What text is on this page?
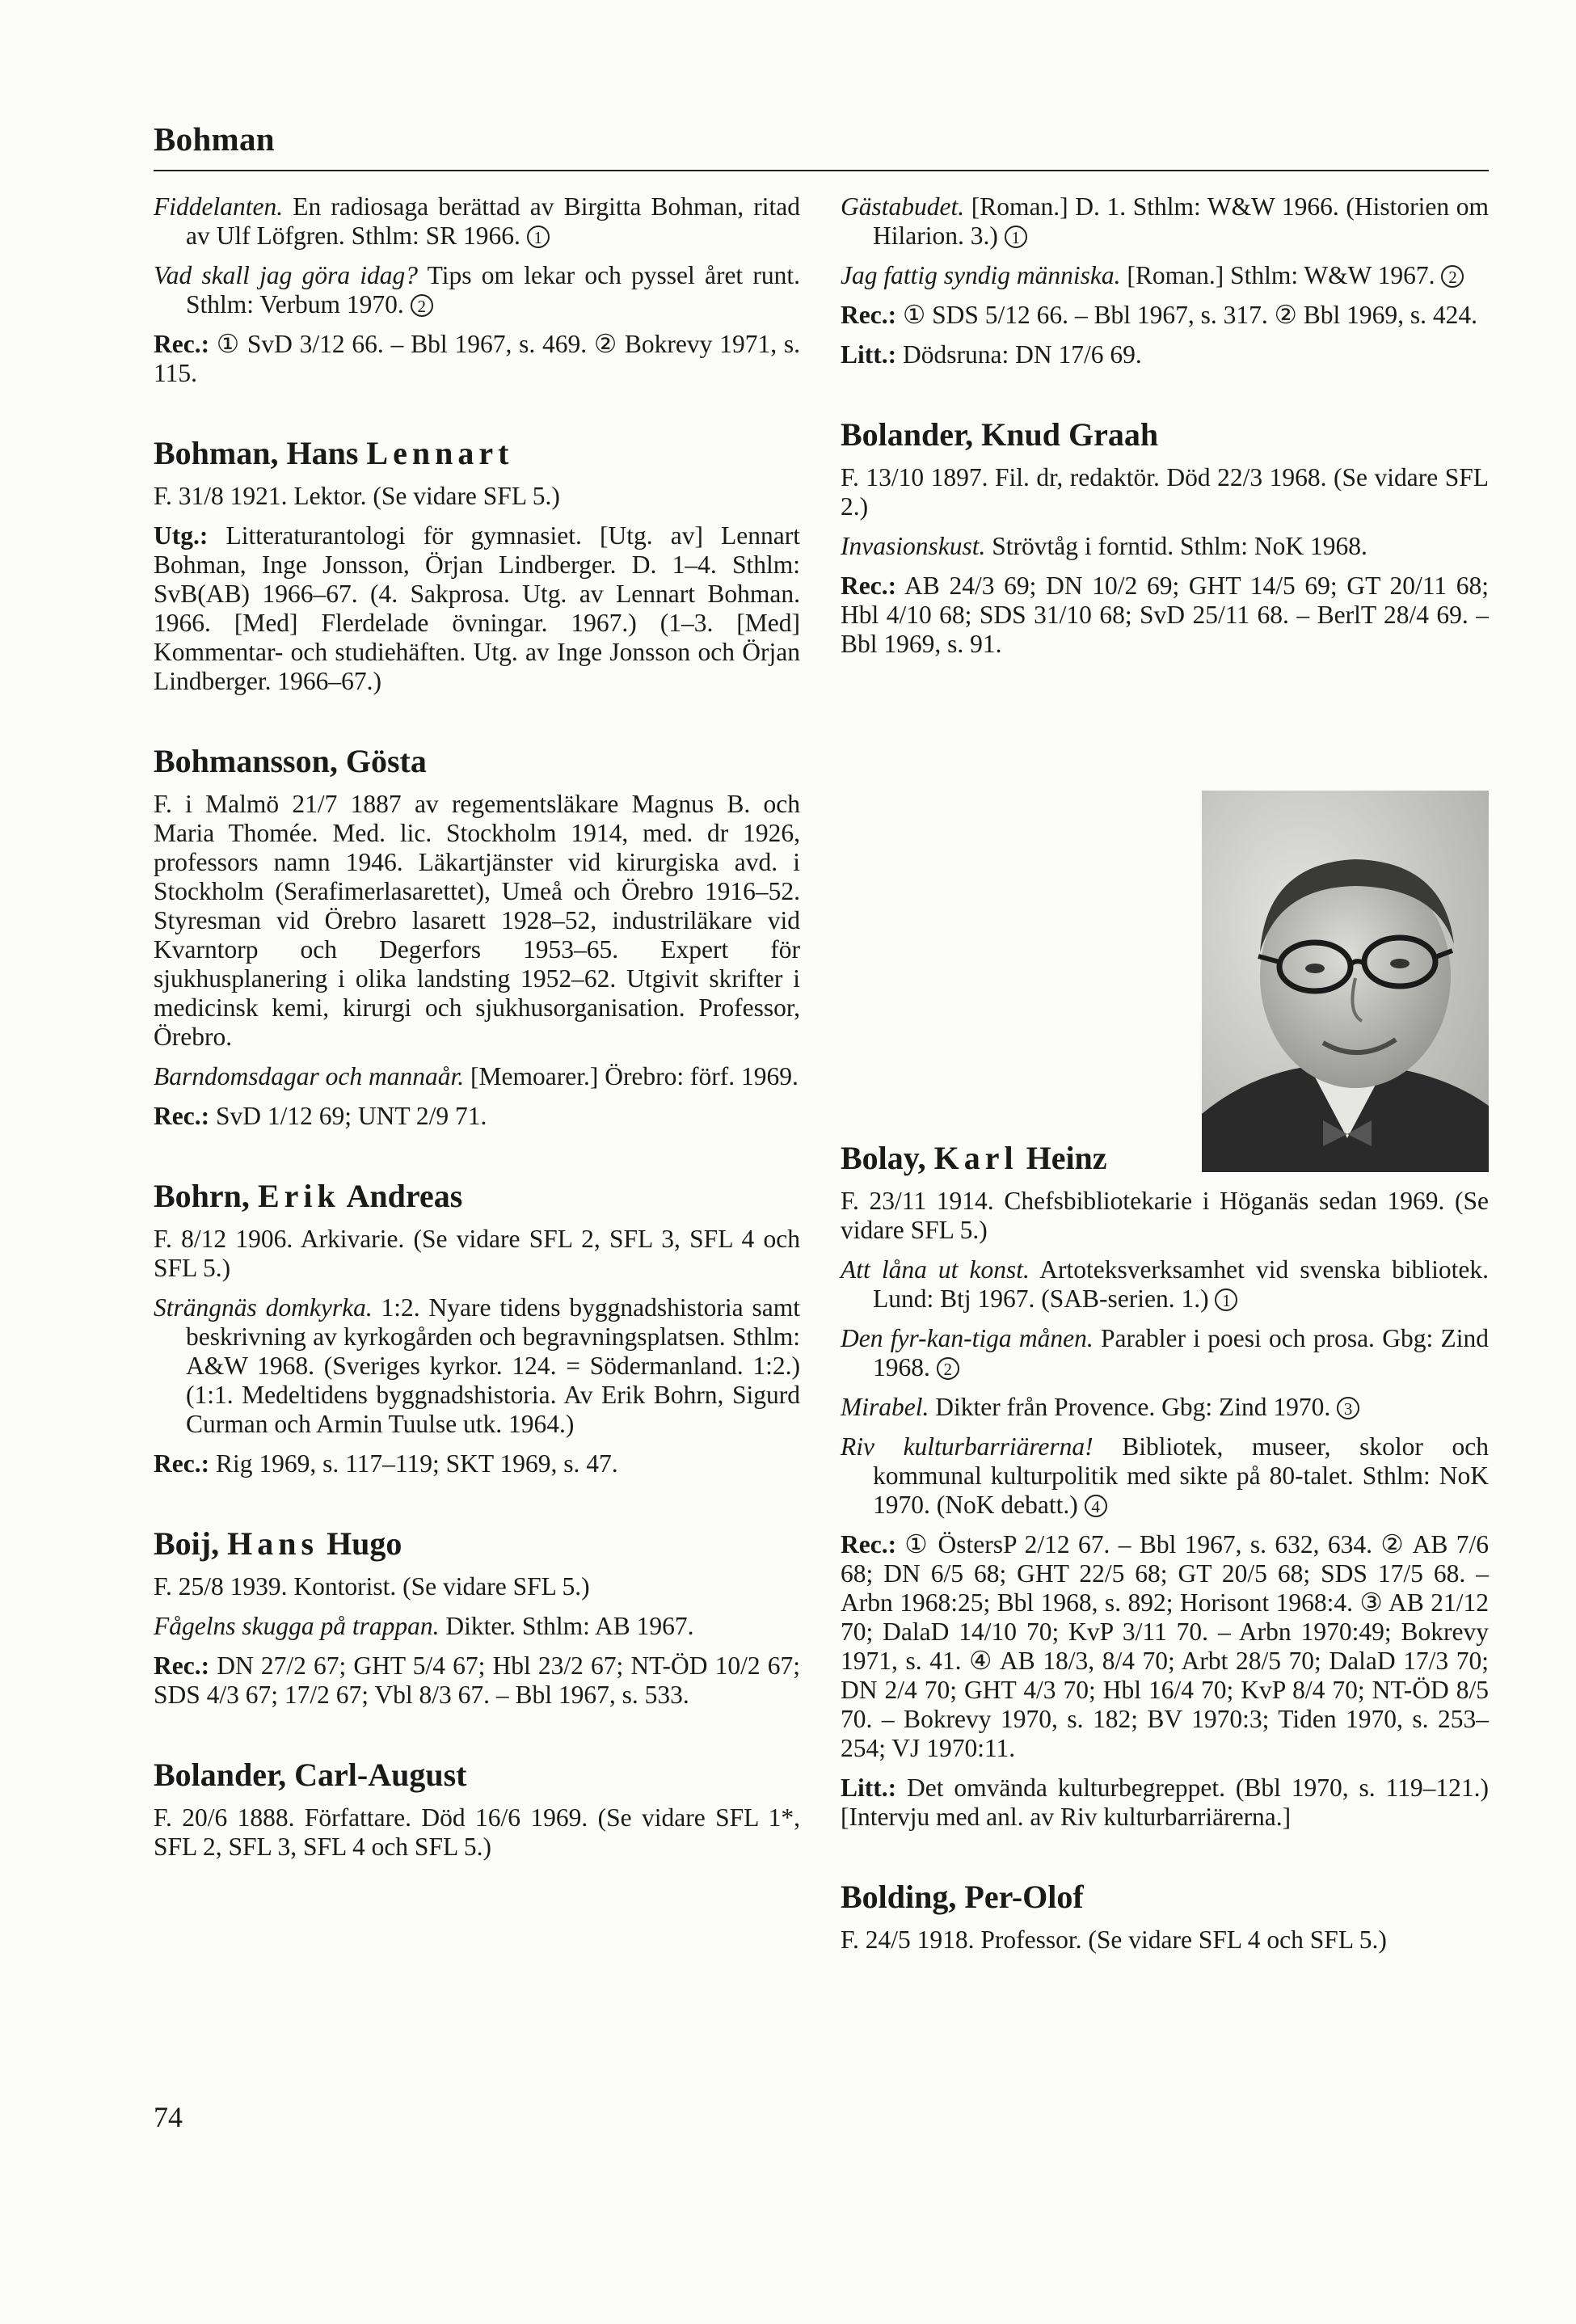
Bohman
Fiddelanten. En radiosaga berättad av Birgitta Bohman, ritad av Ulf Löfgren. Sthlm: SR 1966. 1
Vad skall jag göra idag? Tips om lekar och pyssel året runt. Sthlm: Verbum 1970. 2
Rec.: ① SvD 3/12 66. – Bbl 1967, s. 469. ② Bokrevy 1971, s. 115.
Bohman, Hans Lennart
F. 31/8 1921. Lektor. (Se vidare SFL 5.)
Utg.: Litteraturantologi för gymnasiet. [Utg. av] Lennart Bohman, Inge Jonsson, Örjan Lindberger. D. 1–4. Sthlm: SvB(AB) 1966–67. (4. Sakprosa. Utg. av Lennart Bohman. 1966. [Med] Flerdelade övningar. 1967.) (1–3. [Med] Kommentar- och studiehäften. Utg. av Inge Jonsson och Örjan Lindberger. 1966–67.)
Bohmansson, Gösta
F. i Malmö 21/7 1887 av regementsläkare Magnus B. och Maria Thomée. Med. lic. Stockholm 1914, med. dr 1926, professors namn 1946. Läkartjänster vid kirurgiska avd. i Stockholm (Serafimerlasarettet), Umeå och Örebro 1916–52. Styresman vid Örebro lasarett 1928–52, industriläkare vid Kvarntorp och Degerfors 1953–65. Expert för sjukhusplanering i olika landsting 1952–62. Utgivit skrifter i medicinsk kemi, kirurgi och sjukhusorganisation. Professor, Örebro.
Barndomsdagar och mannaår. [Memoarer.] Örebro: förf. 1969.
Rec.: SvD 1/12 69; UNT 2/9 71.
Bohrn, Erik Andreas
F. 8/12 1906. Arkivarie. (Se vidare SFL 2, SFL 3, SFL 4 och SFL 5.)
Strängnäs domkyrka. 1:2. Nyare tidens byggnadshistoria samt beskrivning av kyrkogården och begravningsplatsen. Sthlm: A&W 1968. (Sveriges kyrkor. 124. = Södermanland. 1:2.) (1:1. Medeltidens byggnadshistoria. Av Erik Bohrn, Sigurd Curman och Armin Tuulse utk. 1964.)
Rec.: Rig 1969, s. 117–119; SKT 1969, s. 47.
Boij, Hans Hugo
F. 25/8 1939. Kontorist. (Se vidare SFL 5.)
Fågelns skugga på trappan. Dikter. Sthlm: AB 1967.
Rec.: DN 27/2 67; GHT 5/4 67; Hbl 23/2 67; NT-ÖD 10/2 67; SDS 4/3 67; 17/2 67; Vbl 8/3 67. – Bbl 1967, s. 533.
Bolander, Carl-August
F. 20/6 1888. Författare. Död 16/6 1969. (Se vidare SFL 1*, SFL 2, SFL 3, SFL 4 och SFL 5.)
Gästabudet. [Roman.] D. 1. Sthlm: W&W 1966. (Historien om Hilarion. 3.) 1
Jag fattig syndig människa. [Roman.] Sthlm: W&W 1967. 2
Rec.: ① SDS 5/12 66. – Bbl 1967, s. 317. ② Bbl 1969, s. 424.
Litt.: Dödsruna: DN 17/6 69.
Bolander, Knud Graah
F. 13/10 1897. Fil. dr, redaktör. Död 22/3 1968. (Se vidare SFL 2.)
Invasionskust. Strövtåg i forntid. Sthlm: NoK 1968.
Rec.: AB 24/3 69; DN 10/2 69; GHT 14/5 69; GT 20/11 68; Hbl 4/10 68; SDS 31/10 68; SvD 25/11 68. – BerlT 28/4 69. – Bbl 1969, s. 91.
Bolay, Karl Heinz
F. 23/11 1914. Chefsbibliotekarie i Höganäs sedan 1969. (Se vidare SFL 5.)
Att låna ut konst. Artoteksverksamhet vid svenska bibliotek. Lund: Btj 1967. (SAB-serien. 1.) 1
Den fyr-kan-tiga månen. Parabler i poesi och prosa. Gbg: Zind 1968. 2
Mirabel. Dikter från Provence. Gbg: Zind 1970. 3
Riv kulturbarriärerna! Bibliotek, museer, skolor och kommunal kulturpolitik med sikte på 80-talet. Sthlm: NoK 1970. (NoK debatt.) 4
Rec.: ① ÖstersP 2/12 67. – Bbl 1967, s. 632, 634. ② AB 7/6 68; DN 6/5 68; GHT 22/5 68; GT 20/5 68; SDS 17/5 68. – Arbn 1968:25; Bbl 1968, s. 892; Horisont 1968:4. ③ AB 21/12 70; DalaD 14/10 70; KvP 3/11 70. – Arbn 1970:49; Bokrevy 1971, s. 41. ④ AB 18/3, 8/4 70; Arbt 28/5 70; DalaD 17/3 70; DN 2/4 70; GHT 4/3 70; Hbl 16/4 70; KvP 8/4 70; NT-ÖD 8/5 70. – Bokrevy 1970, s. 182; BV 1970:3; Tiden 1970, s. 253–254; VJ 1970:11.
Litt.: Det omvända kulturbegreppet. (Bbl 1970, s. 119–121.) [Intervju med anl. av Riv kulturbarriärerna.]
Bolding, Per-Olof
F. 24/5 1918. Professor. (Se vidare SFL 4 och SFL 5.)
74
